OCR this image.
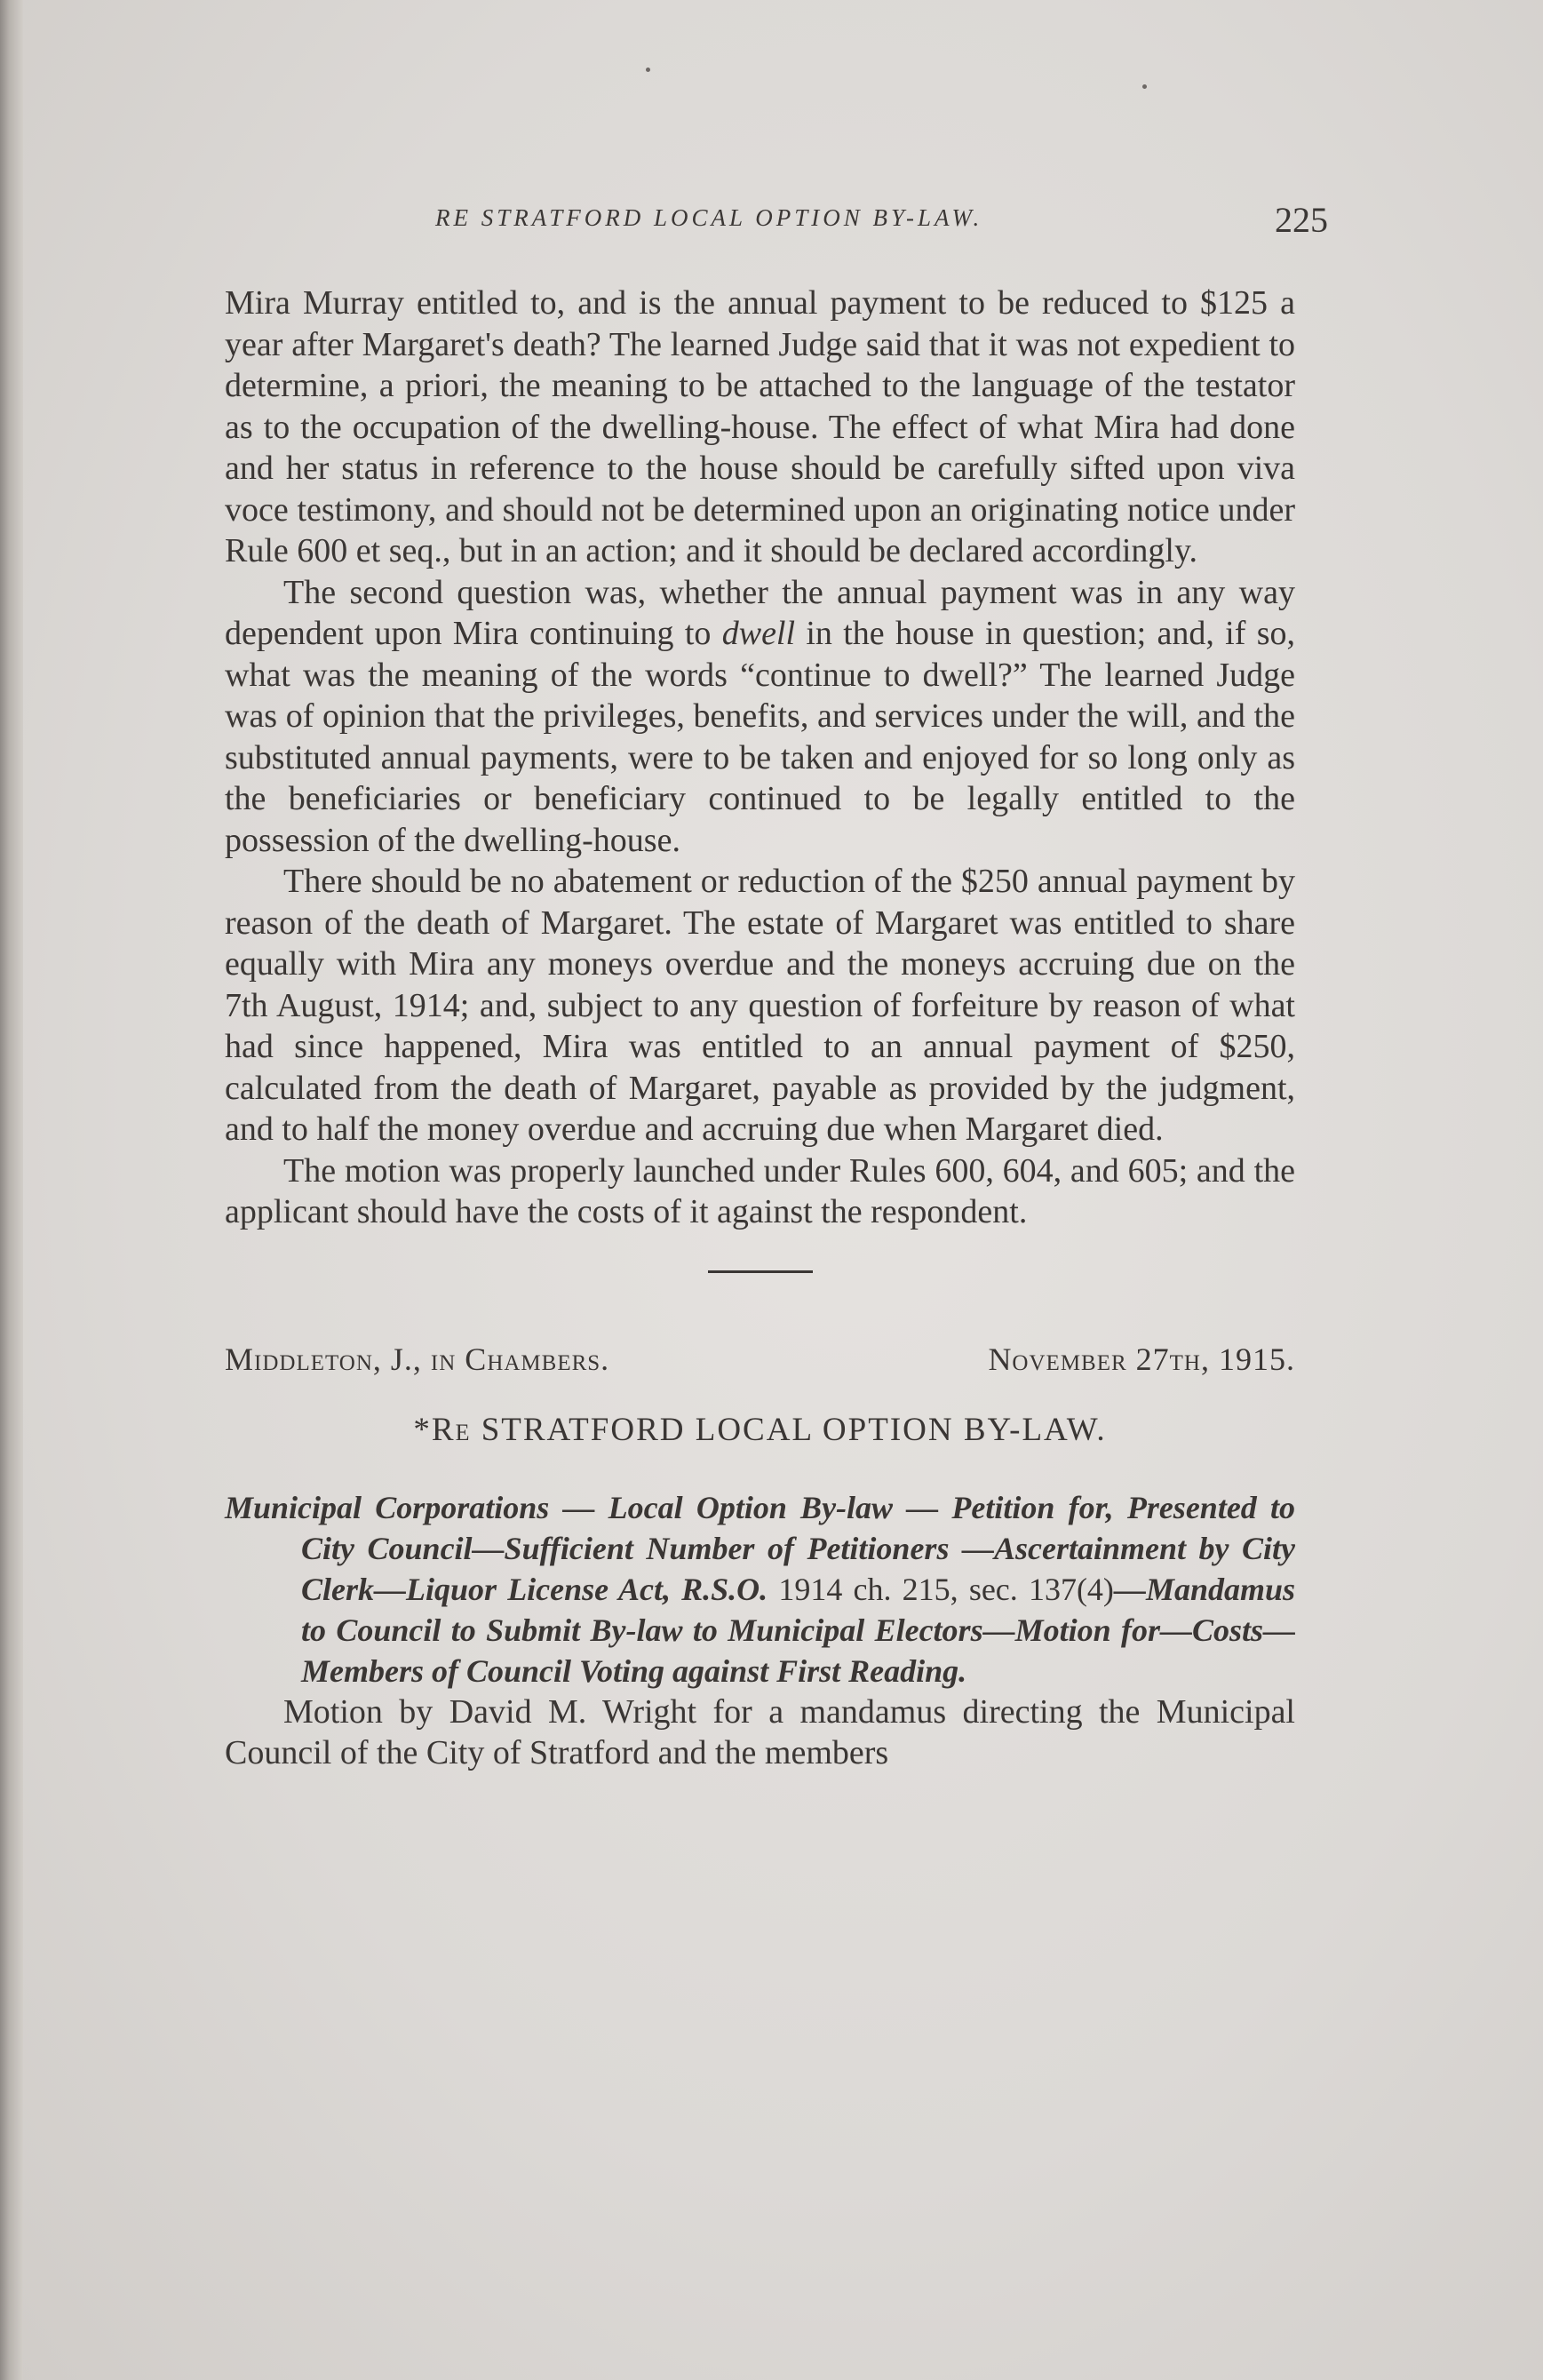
RE STRATFORD LOCAL OPTION BY-LAW.	225

Mira Murray entitled to, and is the annual payment to be reduced to $125 a year after Margaret's death? The learned Judge said that it was not expedient to determine, a priori, the meaning to be attached to the language of the testator as to the occupation of the dwelling-house. The effect of what Mira had done and her status in reference to the house should be carefully sifted upon viva voce testimony, and should not be determined upon an originating notice under Rule 600 et seq., but in an action; and it should be declared accordingly.

The second question was, whether the annual payment was in any way dependent upon Mira continuing to dwell in the house in question; and, if so, what was the meaning of the words “continue to dwell?” The learned Judge was of opinion that the privileges, benefits, and services under the will, and the substituted annual payments, were to be taken and enjoyed for so long only as the beneficiaries or beneficiary continued to be legally entitled to the possession of the dwelling-house.

There should be no abatement or reduction of the $250 annual payment by reason of the death of Margaret. The estate of Margaret was entitled to share equally with Mira any moneys overdue and the moneys accruing due on the 7th August, 1914; and, subject to any question of forfeiture by reason of what had since happened, Mira was entitled to an annual payment of $250, calculated from the death of Margaret, payable as provided by the judgment, and to half the money overdue and accruing due when Margaret died.

The motion was properly launched under Rules 600, 604, and 605; and the applicant should have the costs of it against the respondent.

Middleton, J., in Chambers.	November 27th, 1915.
*Re STRATFORD LOCAL OPTION BY-LAW.

Municipal Corporations — Local Option By-law — Petition for, Presented to City Council—Sufficient Number of Petitioners —Ascertainment by City Clerk—Liquor License Act, R.S.O. 1914 ch. 215, sec. 137(4)—Mandamus to Council to Submit By-law to Municipal Electors—Motion for—Costs—Members of Council Voting against First Reading.

Motion by David M. Wright for a mandamus directing the Municipal Council of the City of Stratford and the members
